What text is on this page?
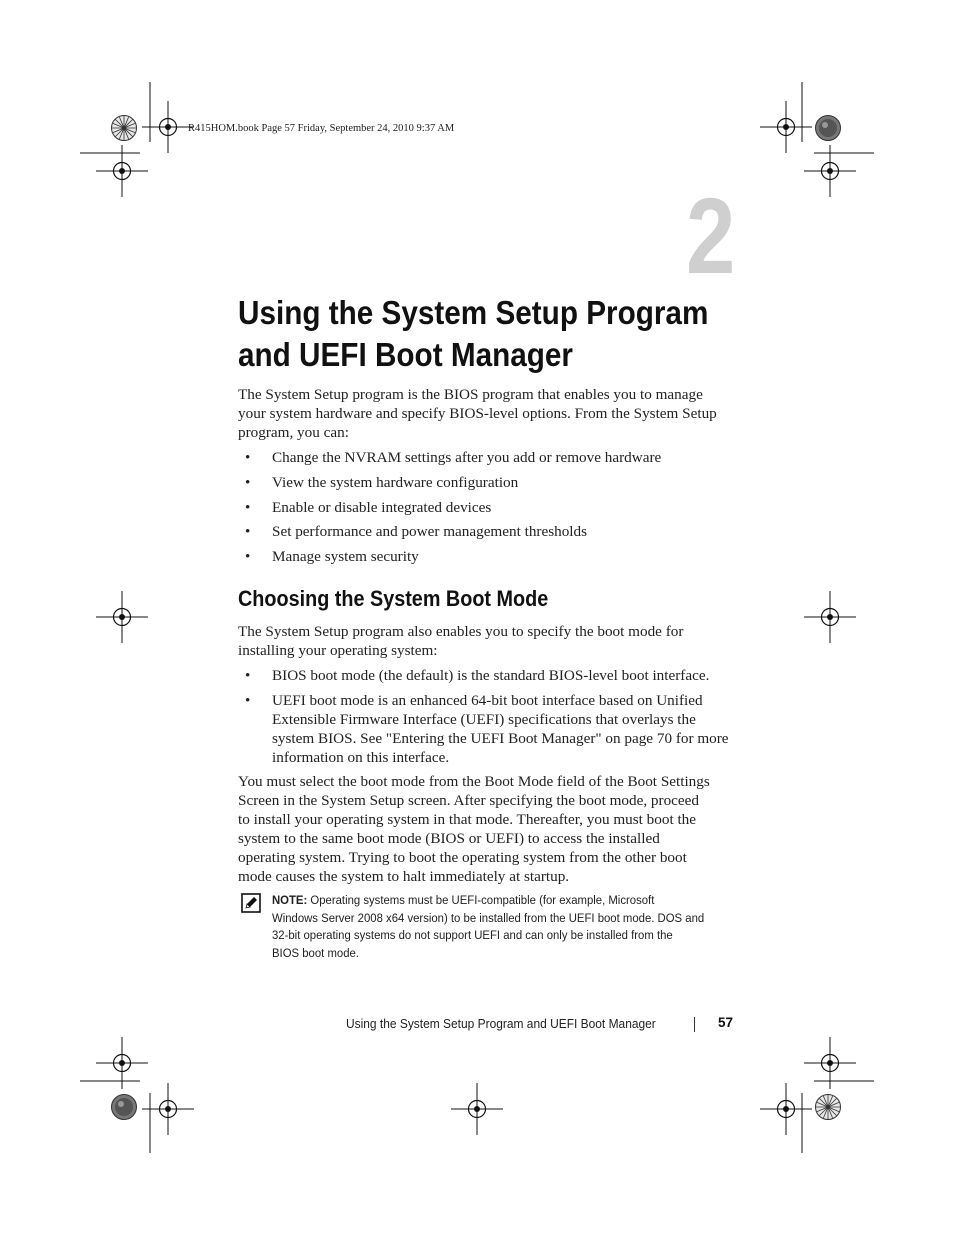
R415HOM.book Page 57 Friday, September 24, 2010 9:37 AM
2
Using the System Setup Program
and UEFI Boot Manager

The System Setup program is the BIOS program that enables you to manage
your system hardware and specify BIOS-level options. From the System Setup
program, you can:

• Change the NVRAM settings after you add or remove hardware
• View the system hardware configuration
• Enable or disable integrated devices
• Set performance and power management thresholds
• Manage system security
Choosing the System Boot Mode

The System Setup program also enables you to specify the boot mode for
installing your operating system:

• BIOS boot mode (the default) is the standard BIOS-level boot interface.
• UEFI boot mode is an enhanced 64-bit boot interface based on Unified
Extensible Firmware Interface (UEFI) specifications that overlays the
system BIOS. See "Entering the UEFI Boot Manager" on page 70 for more
information on this interface.

You must select the boot mode from the Boot Mode field of the Boot Settings
Screen in the System Setup screen. After specifying the boot mode, proceed
to install your operating system in that mode. Thereafter, you must boot the
system to the same boot mode (BIOS or UEFI) to access the installed
operating system. Trying to boot the operating system from the other boot
mode causes the system to halt immediately at startup.

NOTE: Operating systems must be UEFI-compatible (for example, Microsoft
Windows Server 2008 x64 version) to be installed from the UEFI boot mode. DOS and
32-bit operating systems do not support UEFI and can only be installed from the
BIOS boot mode.

Using the System Setup Program and UEFI Boot Manager	57
